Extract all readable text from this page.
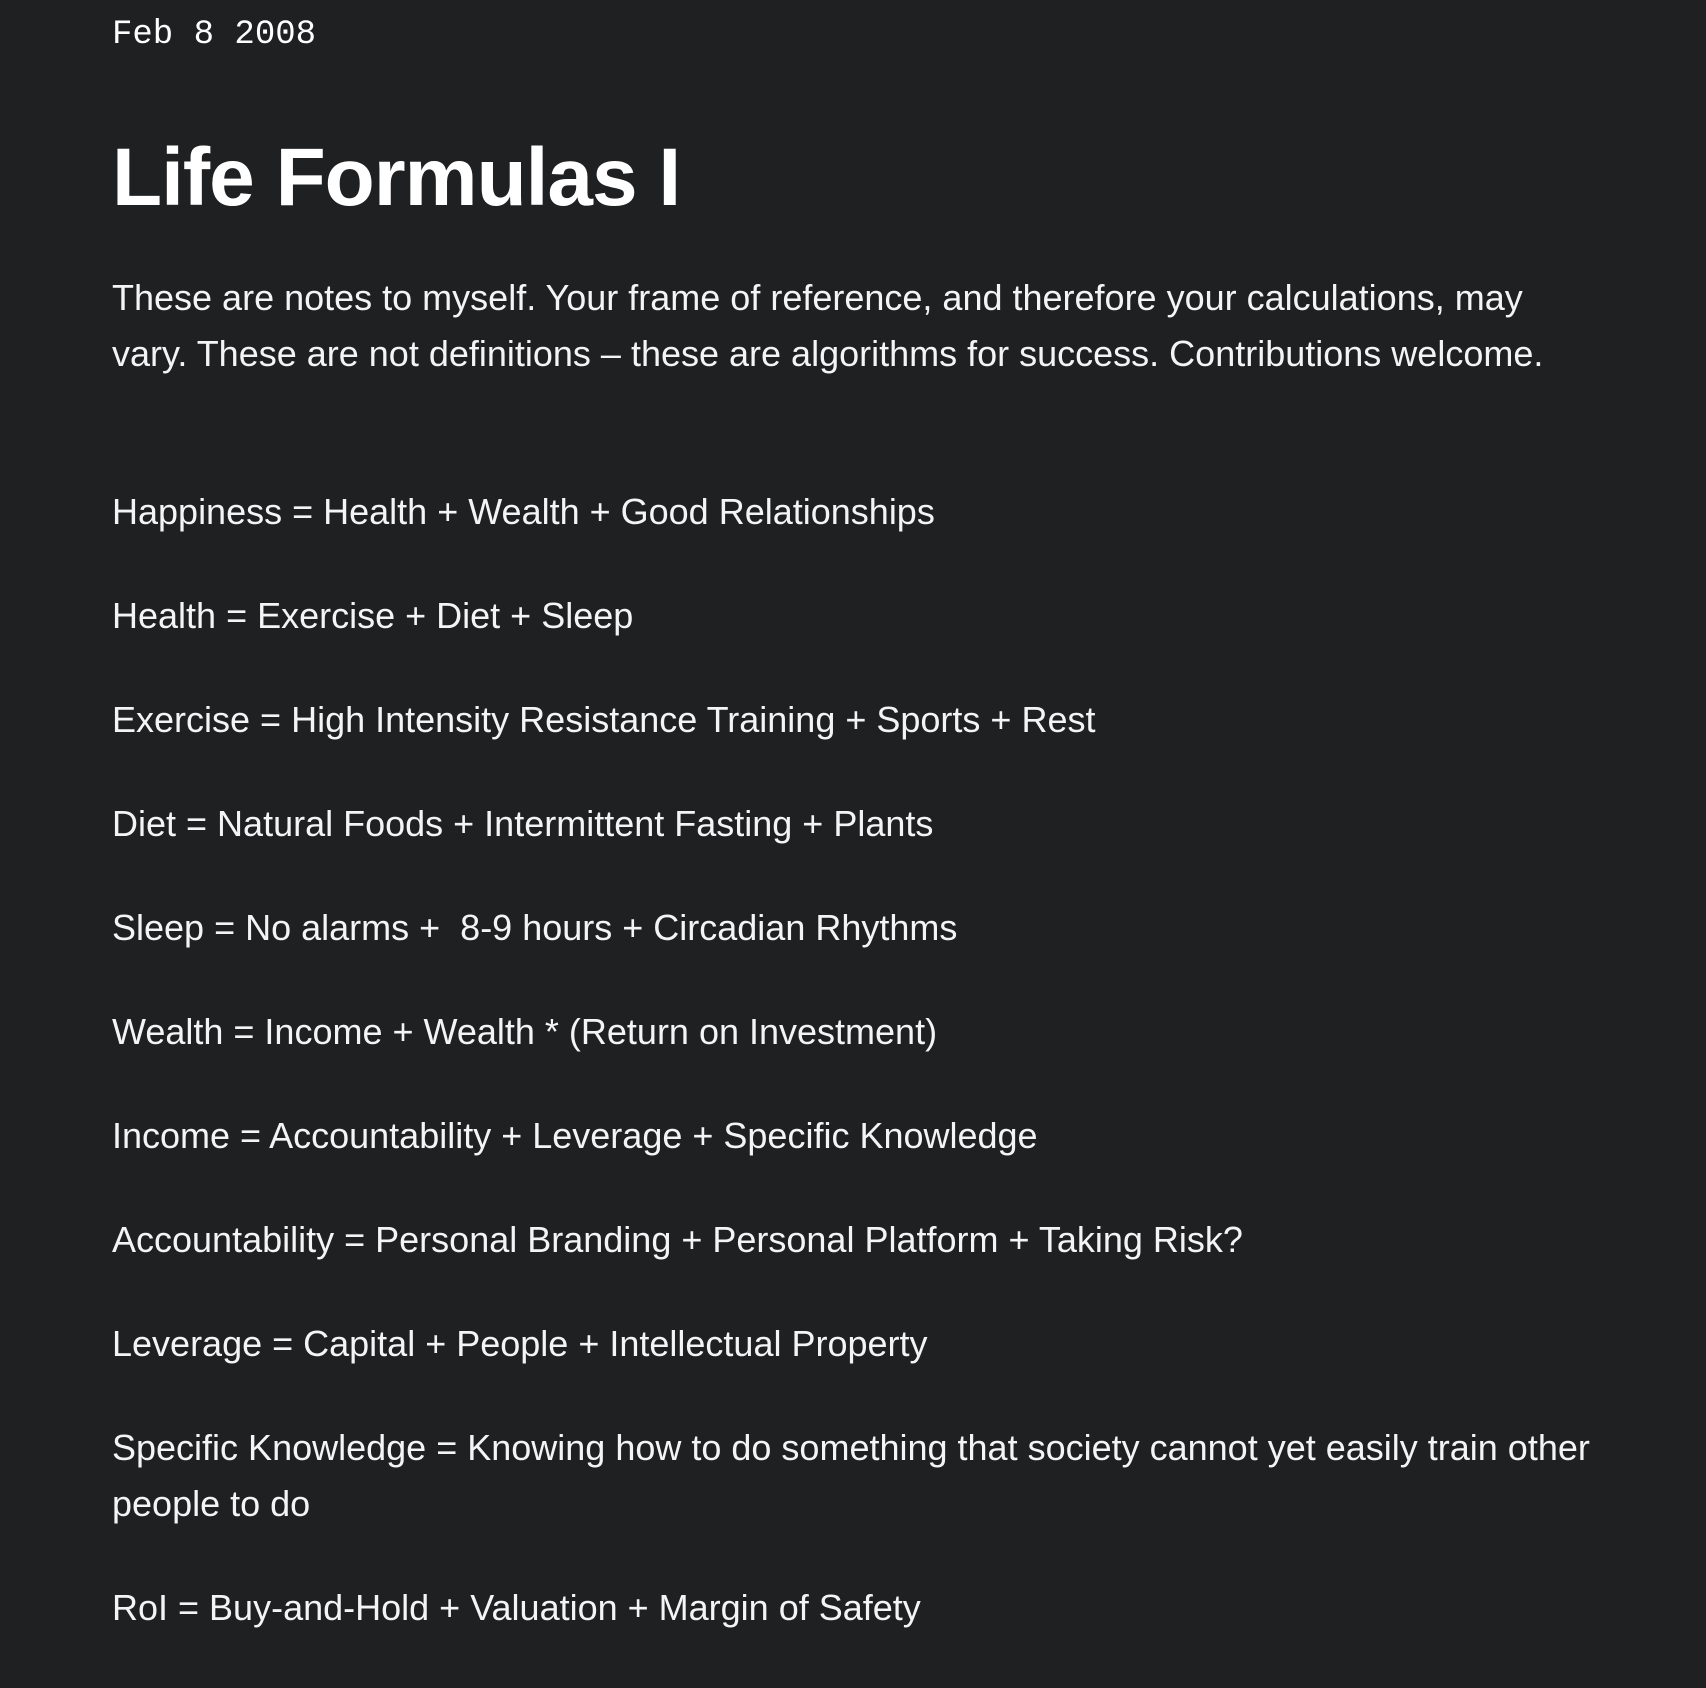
Feb 8 2008

Life Formulas I

These are notes to myself. Your frame of reference, and therefore your calculations, may vary. These are not definitions – these are algorithms for success. Contributions welcome.

Happiness = Health + Wealth + Good Relationships
Health = Exercise + Diet + Sleep
Exercise = High Intensity Resistance Training + Sports + Rest
Diet = Natural Foods + Intermittent Fasting + Plants
Sleep = No alarms +  8-9 hours + Circadian Rhythms
Wealth = Income + Wealth * (Return on Investment)
Income = Accountability + Leverage + Specific Knowledge
Accountability = Personal Branding + Personal Platform + Taking Risk?
Leverage = Capital + People + Intellectual Property
Specific Knowledge = Knowing how to do something that society cannot yet easily train other people to do
RoI = Buy-and-Hold + Valuation + Margin of Safety
